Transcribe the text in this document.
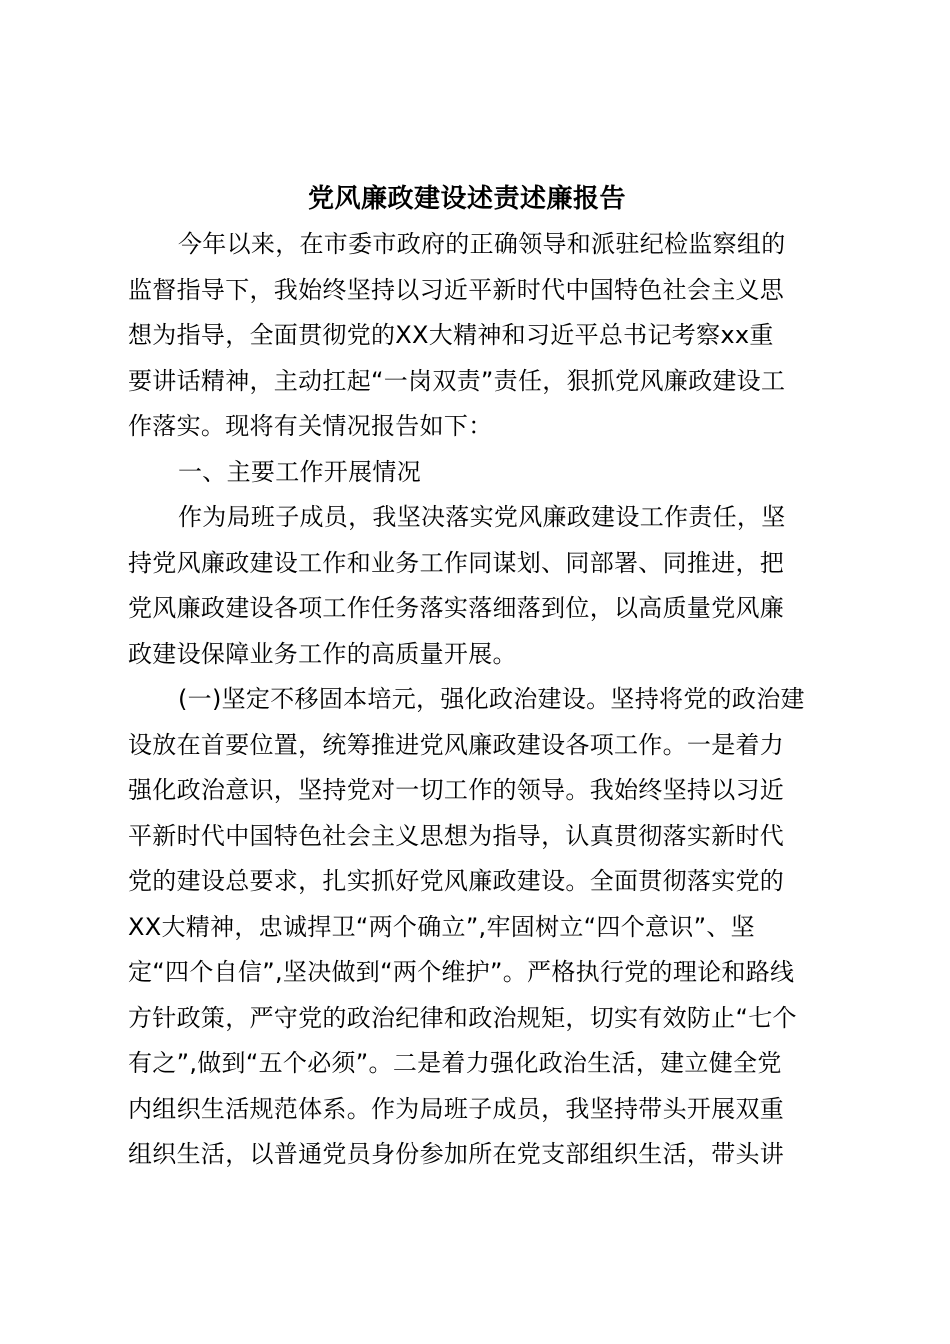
党风廉政建设述责述廉报告

今年以来，在市委市政府的正确领导和派驻纪检监察组的
监督指导下，我始终坚持以习近平新时代中国特色社会主义思
想为指导，全面贯彻党的XX大精神和习近平总书记考察xx重
要讲话精神，主动扛起“一岗双责”责任，狠抓党风廉政建设工
作落实。现将有关情况报告如下：

一、主要工作开展情况

作为局班子成员，我坚决落实党风廉政建设工作责任，坚
持党风廉政建设工作和业务工作同谋划、同部署、同推进，把
党风廉政建设各项工作任务落实落细落到位，以高质量党风廉
政建设保障业务工作的高质量开展。

(一)坚定不移固本培元，强化政治建设。坚持将党的政治建
设放在首要位置，统筹推进党风廉政建设各项工作。一是着力
强化政治意识，坚持党对一切工作的领导。我始终坚持以习近
平新时代中国特色社会主义思想为指导，认真贯彻落实新时代
党的建设总要求，扎实抓好党风廉政建设。全面贯彻落实党的
XX大精神，忠诚捍卫“两个确立”,牢固树立“四个意识”、坚
定“四个自信”,坚决做到“两个维护”。严格执行党的理论和路线
方针政策，严守党的政治纪律和政治规矩，切实有效防止“七个
有之”,做到“五个必须”。二是着力强化政治生活，建立健全党
内组织生活规范体系。作为局班子成员，我坚持带头开展双重
组织生活，以普通党员身份参加所在党支部组织生活，带头讲
